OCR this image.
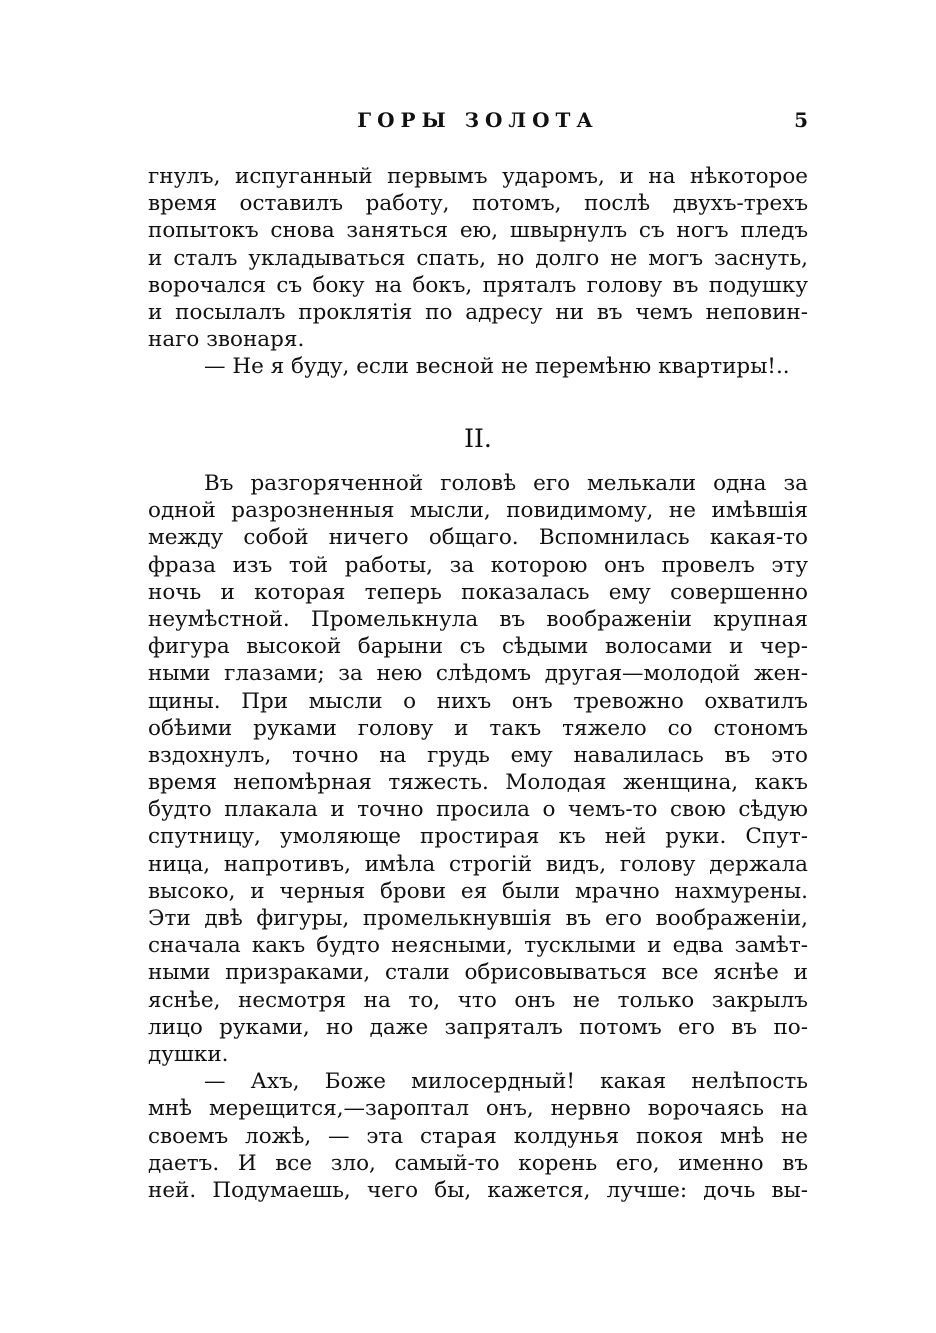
ГОРЫ ЗОЛОТА	5
гнулъ, испуганный первымъ ударомъ, и на нѣкоторое
время оставилъ работу, потомъ, послѣ двухъ-трехъ
попытокъ снова заняться ею, швырнулъ съ ногъ пледъ
и сталъ укладываться спать, но долго не могъ заснуть,
ворочался съ боку на бокъ, пряталъ голову въ подушку
и посылалъ проклятія по адресу ни въ чемъ неповин-
наго звонаря.
— Не я буду, если весной не перемѣню квартиры!..
II.
Въ разгоряченной головѣ его мелькали одна за
одной разрозненныя мысли, повидимому, не имѣвшія
между собой ничего общаго. Вспомнилась какая-то
фраза изъ той работы, за которою онъ провелъ эту
ночь и которая теперь показалась ему совершенно
неумѣстной. Промелькнула въ воображеніи крупная
фигура высокой барыни съ сѣдыми волосами и чер-
ными глазами; за нею слѣдомъ другая—молодой жен-
щины. При мысли о нихъ онъ тревожно охватилъ
обѣими руками голову и такъ тяжело со стономъ
вздохнулъ, точно на грудь ему навалилась въ это
время непомѣрная тяжесть. Молодая женщина, какъ
будто плакала и точно просила о чемъ-то свою сѣдую
спутницу, умоляюще простирая къ ней руки. Спут-
ница, напротивъ, имѣла строгій видъ, голову держала
высоко, и черныя брови ея были мрачно нахмурены.
Эти двѣ фигуры, промелькнувшія въ его воображеніи,
сначала какъ будто неясными, тусклыми и едва замѣт-
ными призраками, стали обрисовываться все яснѣе и
яснѣе, несмотря на то, что онъ не только закрылъ
лицо руками, но даже запряталъ потомъ его въ по-
душки.
— Ахъ, Боже милосердный! какая нелѣпость
мнѣ мерещится,—зароптал онъ, нервно ворочаясь на
своемъ ложѣ, — эта старая колдунья покоя мнѣ не
даетъ. И все зло, самый-то корень его, именно въ
ней. Подумаешь, чего бы, кажется, лучше: дочь вы-
